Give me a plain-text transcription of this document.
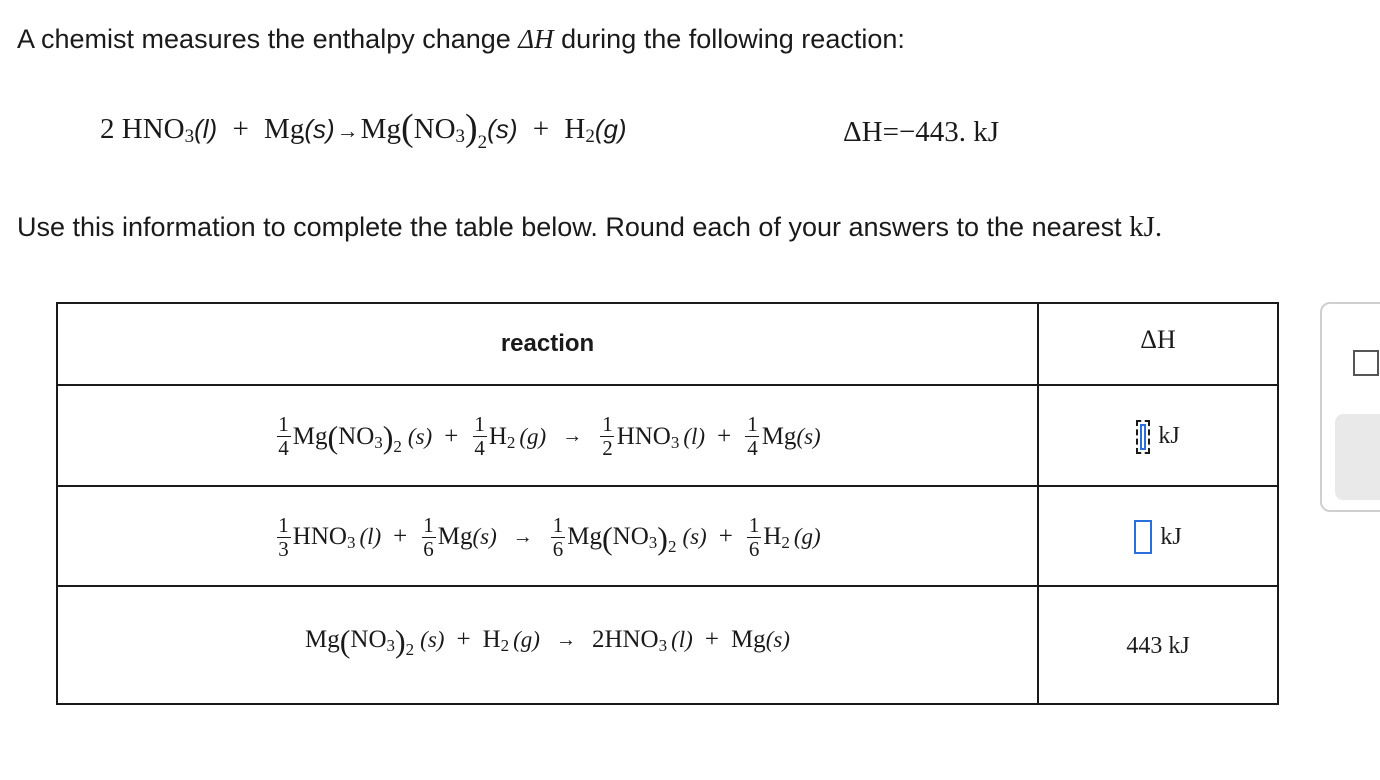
A chemist measures the enthalpy change ΔH during the following reaction:
2 $HNO_3(l) + Mg(s)\to Mg(NO_3)_2(s) + H_2(g)$	ΔH=−443. kJ
Use this information to complete the table below. Round each of your answers to the nearest kJ.
reaction	ΔH
$\frac{1}{4}$ Mg ( $NO_3$ )$_2$ $(s) + \frac{1}{4} H_2$ $(g) \to \frac{1}{2} HNO_3$ $(l) + \frac{1}{4}$ Mg (s)	kJ
$\frac{1}{3} HNO_3$ $(l) + \frac{1}{6}$ Mg $(s) \to \frac{1}{6}$ Mg ( $NO_3$ )$_2$ $(s) + \frac{1}{6} H_2$ (g)	kJ
Mg ( $NO_3$ )$_2$ $(s) + H_2$ (g) → 2 $HNO_3$ (l) + Mg (s)	443 kJ
